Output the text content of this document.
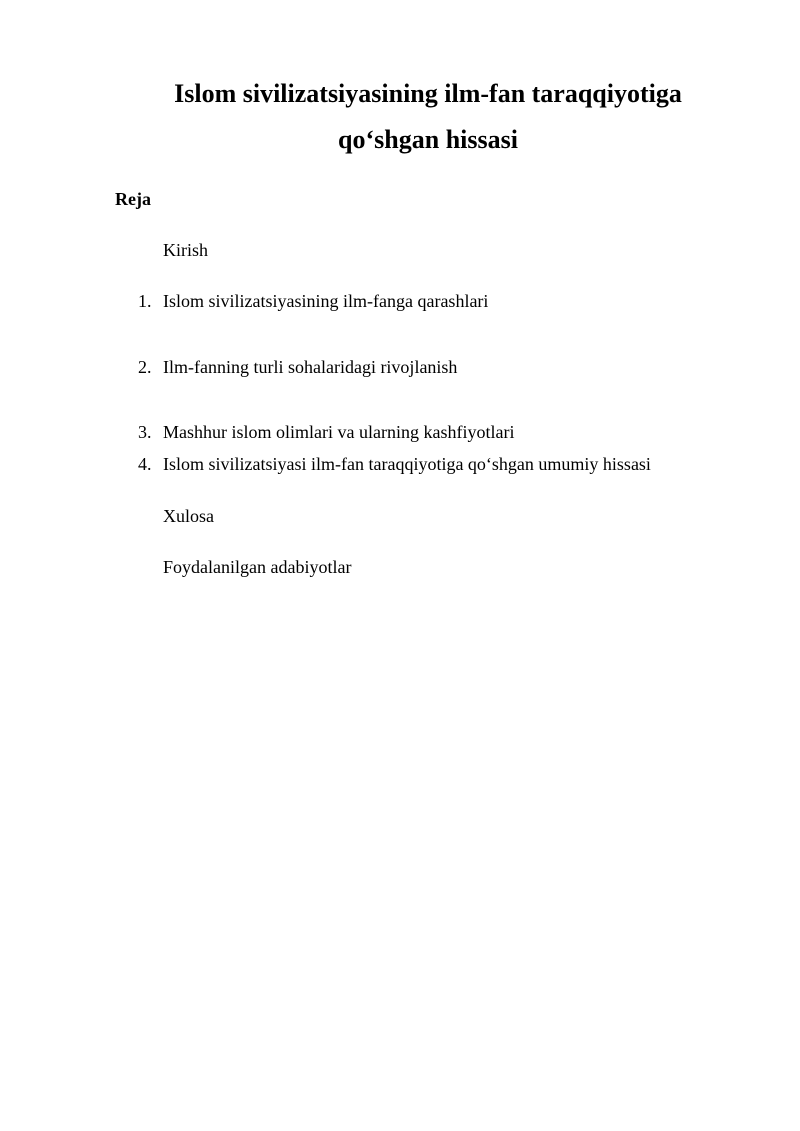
Islom sivilizatsiyasining ilm-fan taraqqiyotiga
qo‘shgan hissasi
Reja
Kirish
1. Islom sivilizatsiyasining ilm-fanga qarashlari
2. Ilm-fanning turli sohalaridagi rivojlanish
3. Mashhur islom olimlari va ularning kashfiyotlari
4. Islom sivilizatsiyasi ilm-fan taraqqiyotiga qo‘shgan umumiy hissasi
Xulosa
Foydalanilgan adabiyotlar
